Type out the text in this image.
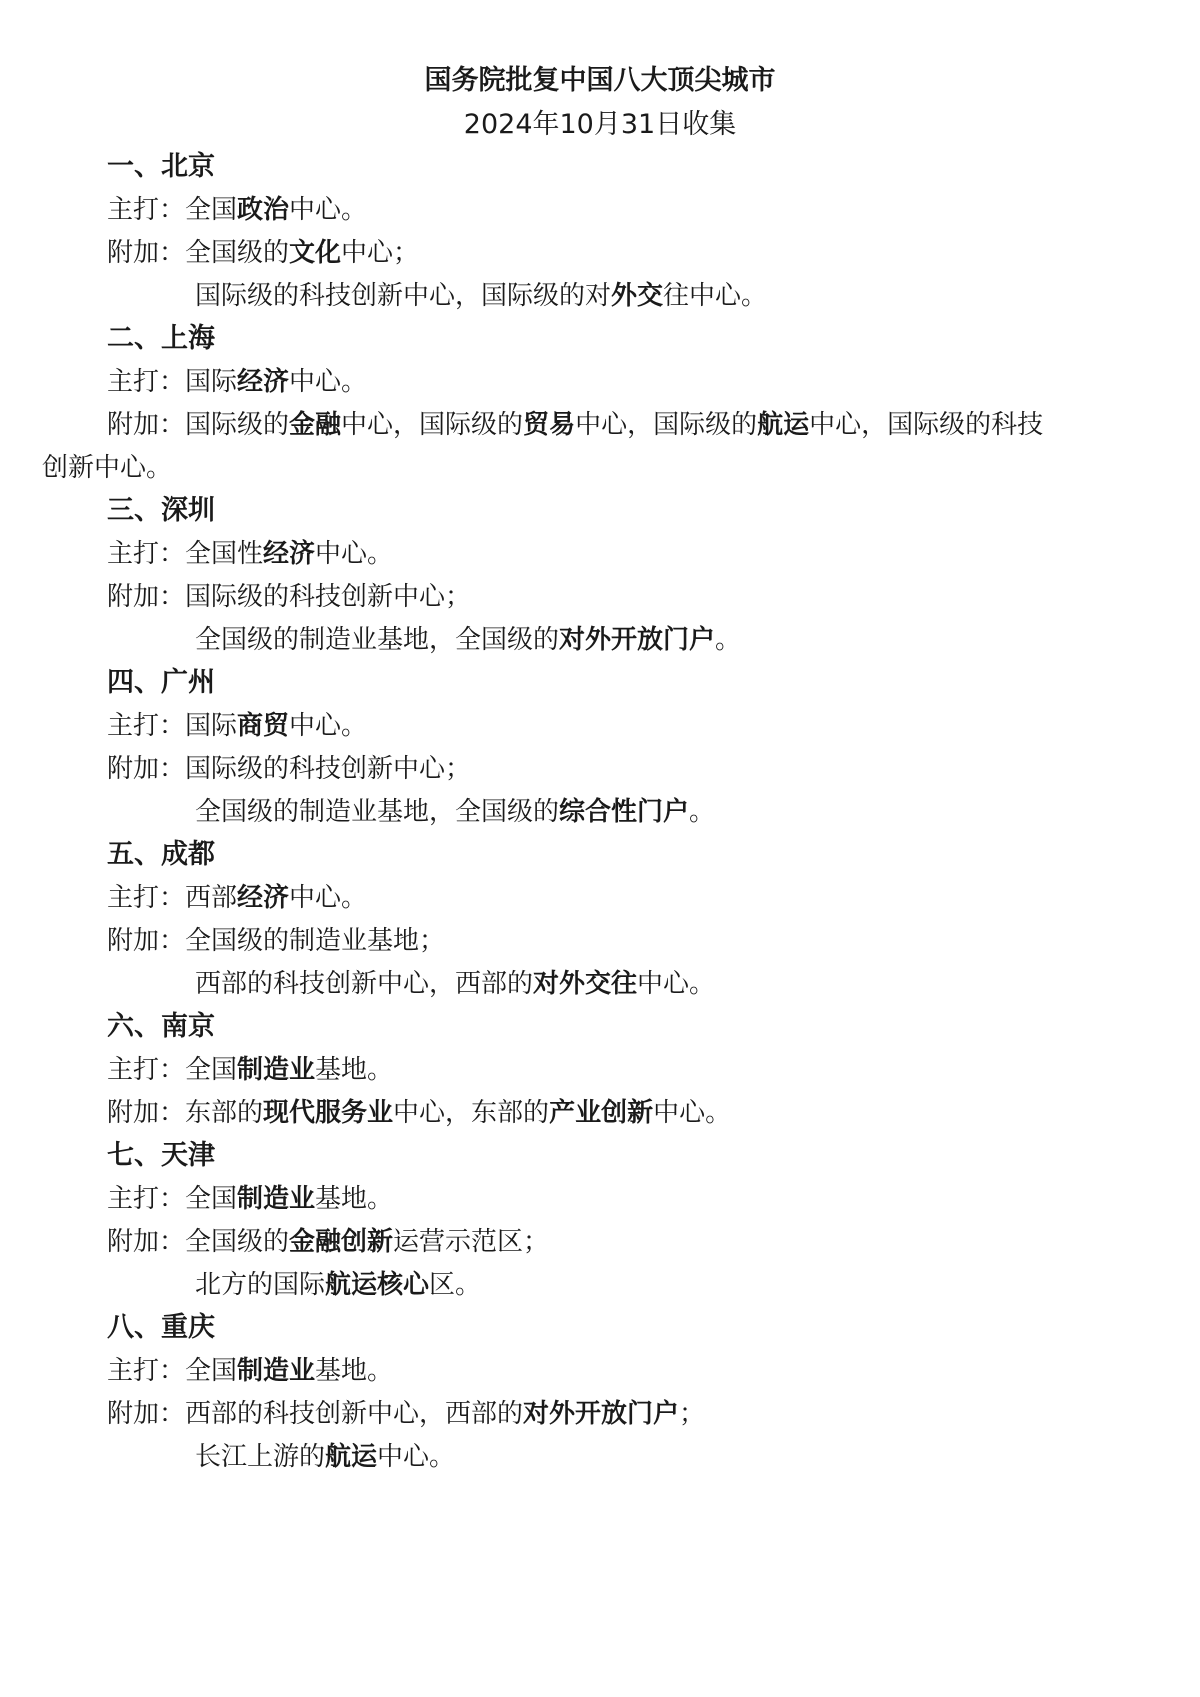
国务院批复中国八大顶尖城市
2024年10月31日收集
一、北京
主打：全国政治中心。
附加：全国级的文化中心；
国际级的科技创新中心，国际级的对外交往中心。
二、上海
主打：国际经济中心。
附加：国际级的金融中心，国际级的贸易中心，国际级的航运中心，国际级的科技
创新中心。
三、深圳
主打：全国性经济中心。
附加：国际级的科技创新中心；
全国级的制造业基地，全国级的对外开放门户。
四、广州
主打：国际商贸中心。
附加：国际级的科技创新中心；
全国级的制造业基地，全国级的综合性门户。
五、成都
主打：西部经济中心。
附加：全国级的制造业基地；
西部的科技创新中心，西部的对外交往中心。
六、南京
主打：全国制造业基地。
附加：东部的现代服务业中心，东部的产业创新中心。
七、天津
主打：全国制造业基地。
附加：全国级的金融创新运营示范区；
北方的国际航运核心区。
八、重庆
主打：全国制造业基地。
附加：西部的科技创新中心，西部的对外开放门户；
长江上游的航运中心。
